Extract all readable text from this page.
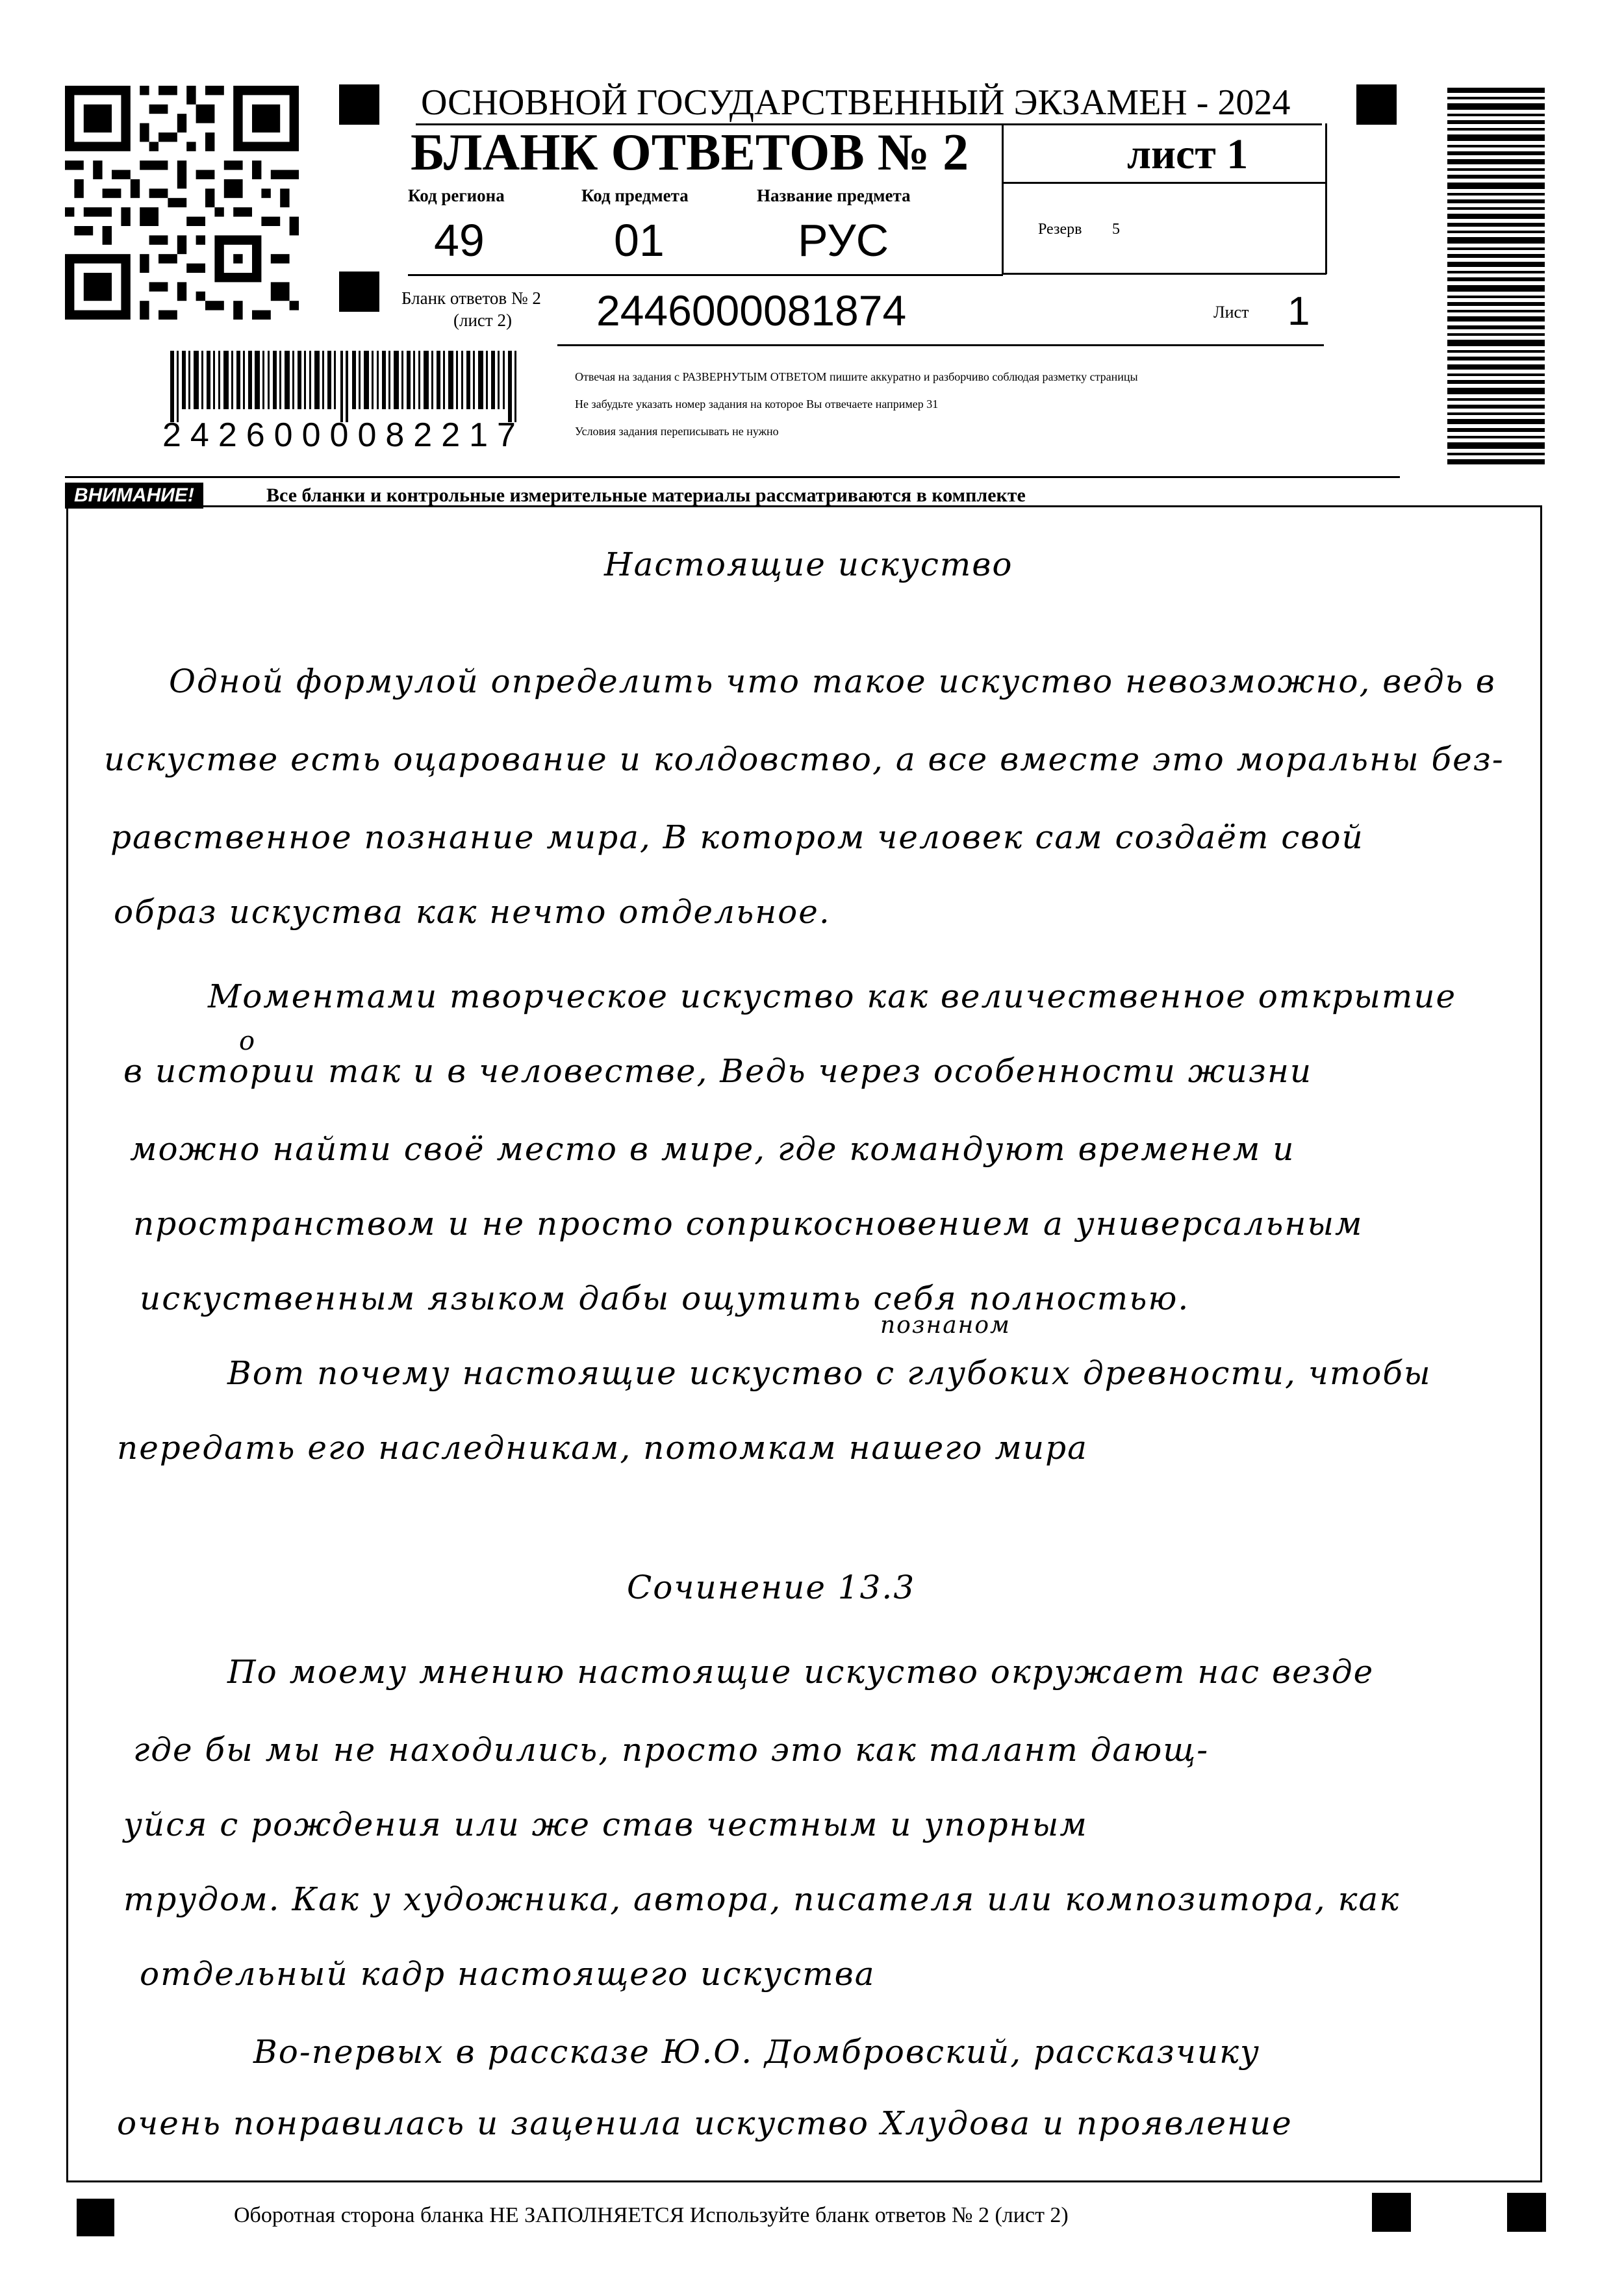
ОСНОВНОЙ ГОСУДАРСТВЕННЫЙ ЭКЗАМЕН - 2024
БЛАНК ОТВЕТОВ № 2	лист 1
Код региона
49
Код предмета
01
Название предмета
РУС	Резерв 5
Бланк ответов № 2
(лист 2) 2446000081874	Лист 1
2426000082217
Отвечая на задания с РАЗВЕРНУТЫМ ОТВЕТОМ пишите аккуратно и разборчиво соблюдая разметку страницы
Не забудьте указать номер задания на которое Вы отвечаете например 31
Условия задания переписывать не нужно
ВНИМАНИЕ!	Все бланки и контрольные измерительные материалы рассматриваются в комплекте
Настоящие искуство
Одной формулой определить что такое искуство невозможно, ведь в
искустве есть оцарование и колдовство, а все вместе это моральны без-
равственное познание мира, В котором человек сам создаёт свой
образ искуства как нечто отдельное.
Моментами творческое искуство как величественное открытие
о
в истории так и в человестве, Ведь через особенности жизни
можно найти своё место в мире, где командуют временем и
пространством и не просто соприкосновением а универсальным
искуственным языком дабы ощутить себя полностью.
познаном
Вот почему настоящие искуство с глубоких древности, чтобы
передать его наследникам, потомкам нашего мира
Сочинение 13.3
По моему мнению настоящие искуство окружает нас везде
где бы мы не находились, просто это как талант дающ-
уйся с рождения или же став честным и упорным
трудом. Как у художника, автора, писателя или композитора, как
отдельный кадр настоящего искуства
Во-первых в рассказе Ю.О. Домбровский, рассказчику
очень понравилась и заценила искуство Хлудова и проявление
Оборотная сторона бланка НЕ ЗАПОЛНЯЕТСЯ Используйте бланк ответов № 2 (лист 2)
